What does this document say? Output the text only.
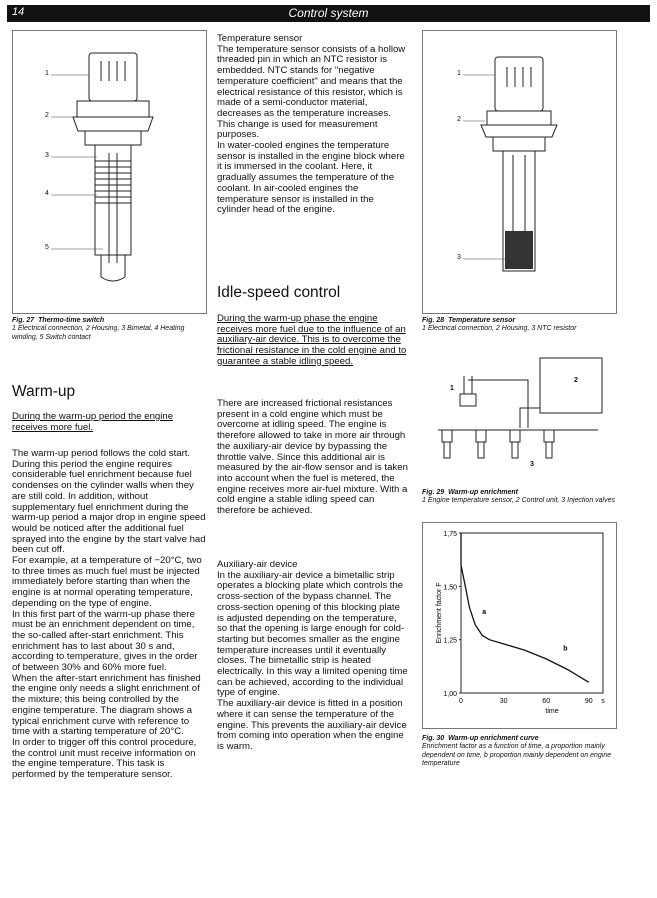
14	Control system
1
2
3
4
5
Fig. 27 Thermo-time switch
1 Electrical connection, 2 Housing, 3 Bimetal, 4 Heating winding, 5 Switch contact
Warm-up
During the warm-up period the engine receives more fuel.

The warm-up period follows the cold start. During this period the engine requires considerable fuel enrichment because fuel condenses on the cylinder walls when they are still cold. In addition, without supplementary fuel enrichment during the warm-up period a major drop in engine speed would be noticed after the additional fuel sprayed into the engine by the start valve had been cut off.

For example, at a temperature of −20°C, two to three times as much fuel must be injected immediately before starting than when the engine is at normal operating temperature, depending on the type of engine.

In this first part of the warm-up phase there must be an enrichment dependent on time, the so-called after-start enrichment. This enrichment has to last about 30 s and, according to temperature, gives in the order of between 30% and 60% more fuel.

When the after-start enrichment has finished the engine only needs a slight enrichment of the mixture; this being controlled by the engine temperature. The diagram shows a typical enrichment curve with reference to time with a starting temperature of 20°C.

In order to trigger off this control procedure, the control unit must receive information on the engine temperature. This task is performed by the temperature sensor.

Temperature sensor

The temperature sensor consists of a hollow threaded pin in which an NTC resistor is embedded. NTC stands for "negative temperature coefficient" and means that the electrical resistance of this resistor, which is made of a semi-conductor material, decreases as the temperature increases. This change is used for measurement purposes.

In water-cooled engines the temperature sensor is installed in the engine block where it is immersed in the coolant. Here, it gradually assumes the temperature of the coolant. In air-cooled engines the temperature sensor is installed in the cylinder head of the engine.

Idle-speed control
During the warm-up phase the engine receives more fuel due to the influence of an auxiliary-air device. This is to overcome the frictional resistance in the cold engine and to guarantee a stable idling speed.
There are increased frictional resistances present in a cold engine which must be overcome at idling speed. The engine is therefore allowed to take in more air through the auxiliary-air device by bypassing the throttle valve. Since this additional air is measured by the air-flow sensor and is taken into account when the fuel is metered, the engine receives more air-fuel mixture. With a cold engine a stable idling speed can therefore be achieved.

Auxiliary-air device

In the auxiliary-air device a bimetallic strip operates a blocking plate which controls the cross-section of the bypass channel. The cross-section opening of this blocking plate is adjusted depending on the temperature, so that the opening is large enough for cold-starting but becomes smaller as the engine temperature increases until it eventually closes. The bimetallic strip is heated electrically. In this way a limited opening time can be achieved, according to the individual type of engine.

The auxiliary-air device is fitted in a position where it can sense the temperature of the engine. This prevents the auxiliary-air device from coming into operation when the engine is warm.

1
2
3
Fig. 28 Temperature sensor
1 Electrical connection, 2 Housing, 3 NTC resistor
1
2
3
Fig. 29 Warm-up enrichment
1 Engine temperature sensor, 2 Control unit, 3 Injection valves
1,75
1,50
1,25
1,00
0	30	60	90 s
time
Enrichment factor F	a
b
Fig. 30 Warm-up enrichment curve
Enrichment factor as a function of time, a proportion mainly dependent on time, b proportion mainly dependent on engine temperature
